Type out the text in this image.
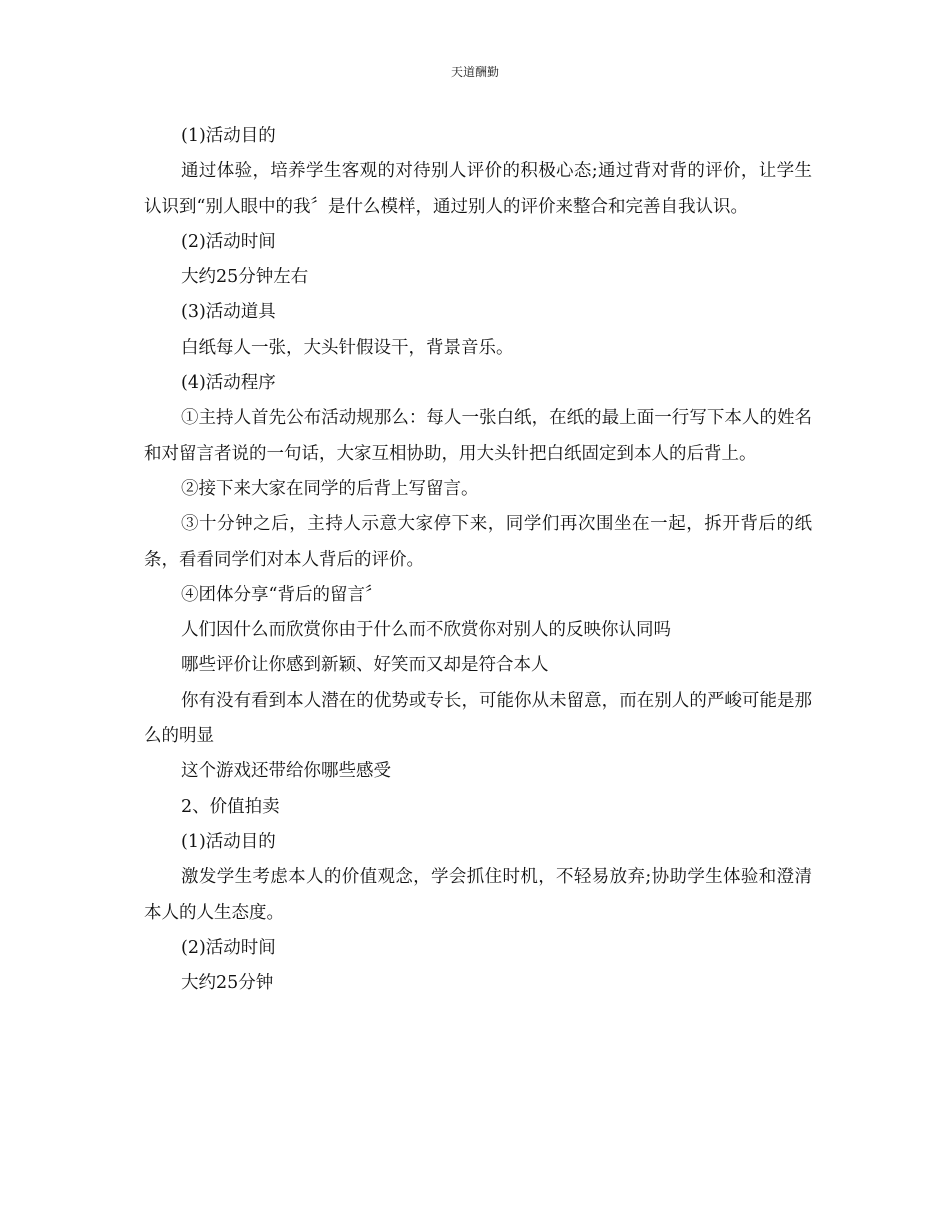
天道酬勤

(1)活动目的

通过体验，培养学生客观的对待别人评价的积极心态;通过背对背的评价，让学生认识到“别人眼中的我〞是什么模样，通过别人的评价来整合和完善自我认识。

(2)活动时间

大约25分钟左右

(3)活动道具

白纸每人一张，大头针假设干，背景音乐。

(4)活动程序

①主持人首先公布活动规那么：每人一张白纸，在纸的最上面一行写下本人的姓名和对留言者说的一句话，大家互相协助，用大头针把白纸固定到本人的后背上。

②接下来大家在同学的后背上写留言。

③十分钟之后，主持人示意大家停下来，同学们再次围坐在一起，拆开背后的纸条，看看同学们对本人背后的评价。

④团体分享“背后的留言〞

人们因什么而欣赏你由于什么而不欣赏你对别人的反映你认同吗

哪些评价让你感到新颖、好笑而又却是符合本人

你有没有看到本人潜在的优势或专长，可能你从未留意，而在别人的严峻可能是那么的明显

这个游戏还带给你哪些感受

2、价值拍卖

(1)活动目的

激发学生考虑本人的价值观念，学会抓住时机，不轻易放弃;协助学生体验和澄清本人的人生态度。

(2)活动时间

大约25分钟
